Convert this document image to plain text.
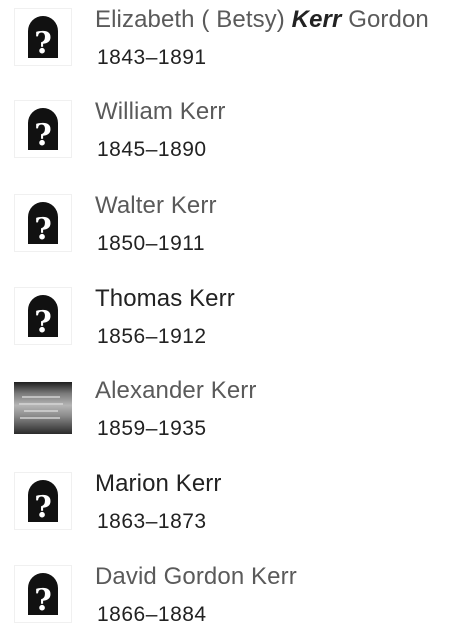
?
Elizabeth ( Betsy) Kerr Gordon
1843–1891
?
William Kerr
1845–1890
?
Walter Kerr
1850–1911
?
Thomas Kerr
1856–1912
Alexander Kerr
1859–1935
?
Marion Kerr
1863–1873
?
David Gordon Kerr
1866–1884
